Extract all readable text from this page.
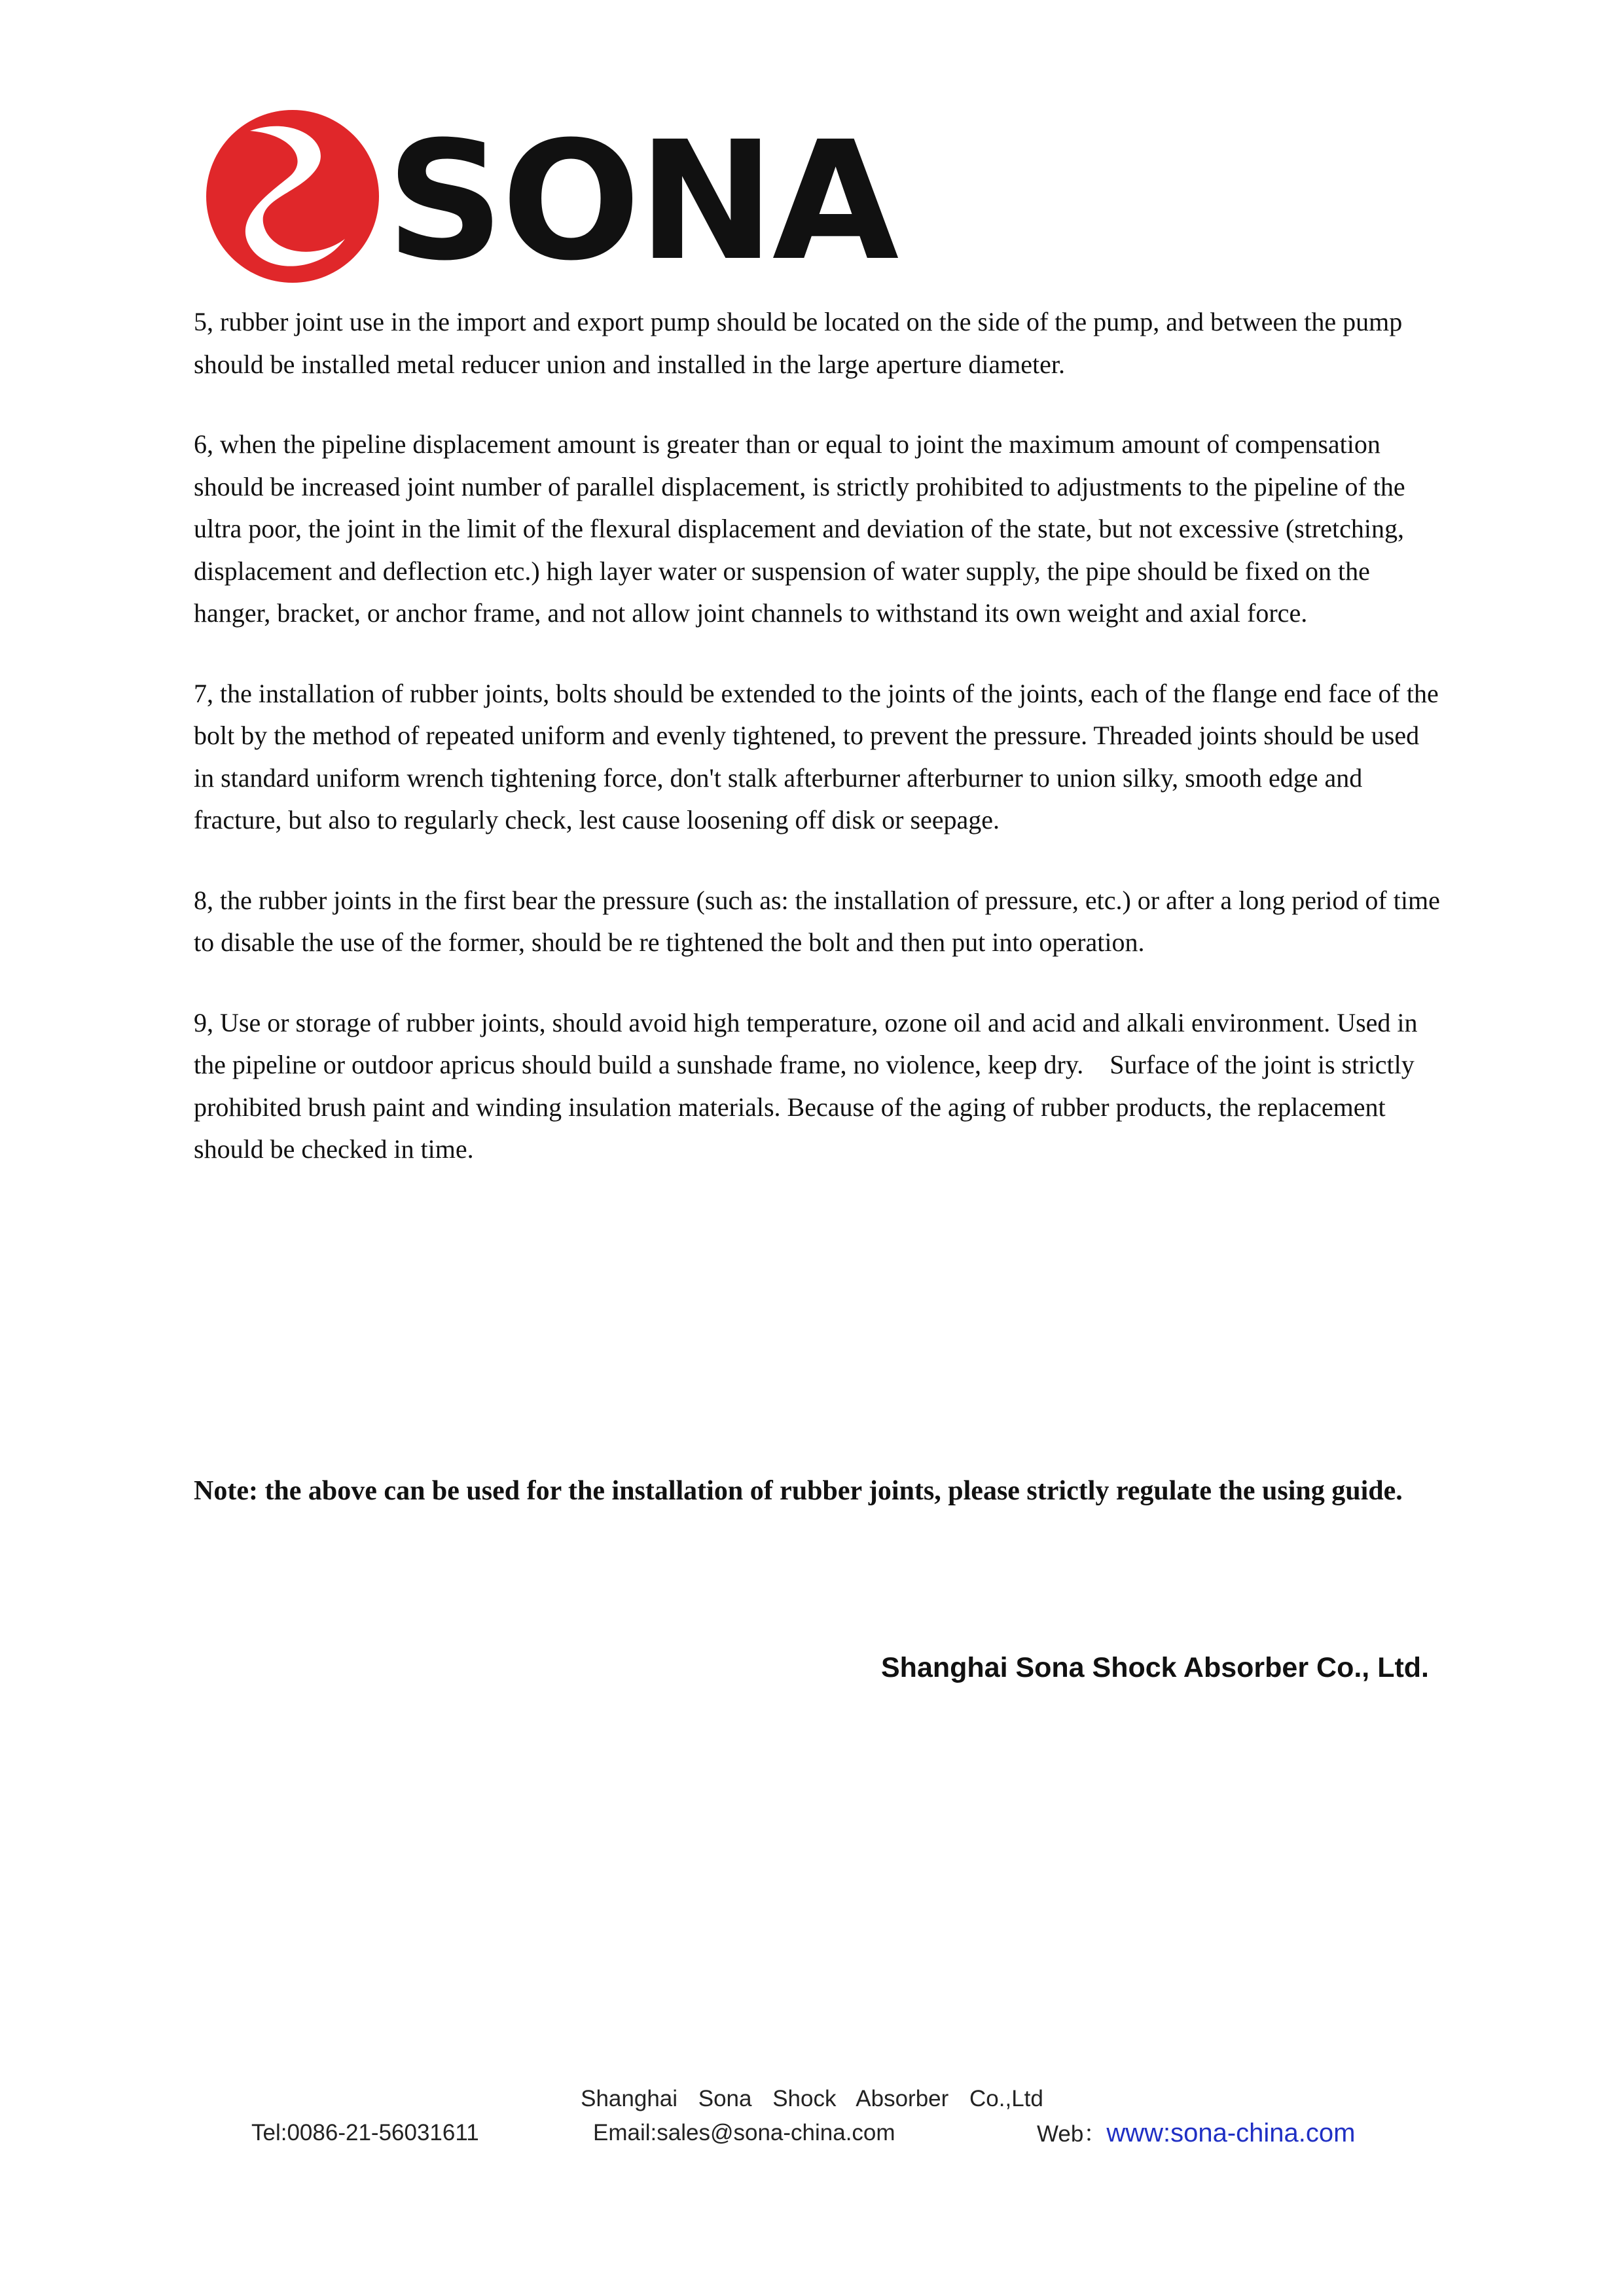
SONA

5, rubber joint use in the import and export pump should be located on the side of the pump, and between the pump should be installed metal reducer union and installed in the large aperture diameter.

6, when the pipeline displacement amount is greater than or equal to joint the maximum amount of compensation should be increased joint number of parallel displacement, is strictly prohibited to adjustments to the pipeline of the ultra poor, the joint in the limit of the flexural displacement and deviation of the state, but not excessive (stretching, displacement and deflection etc.) high layer water or suspension of water supply, the pipe should be fixed on the hanger, bracket, or anchor frame, and not allow joint channels to withstand its own weight and axial force.

7, the installation of rubber joints, bolts should be extended to the joints of the joints, each of the flange end face of the bolt by the method of repeated uniform and evenly tightened, to prevent the pressure. Threaded joints should be used in standard uniform wrench tightening force, don't stalk afterburner afterburner to union silky, smooth edge and fracture, but also to regularly check, lest cause loosening off disk or seepage.

8, the rubber joints in the first bear the pressure (such as: the installation of pressure, etc.) or after a long period of time to disable the use of the former, should be re tightened the bolt and then put into operation.

9, Use or storage of rubber joints, should avoid high temperature, ozone oil and acid and alkali environment. Used in the pipeline or outdoor apricus should build a sunshade frame, no violence, keep dry.    Surface of the joint is strictly prohibited brush paint and winding insulation materials. Because of the aging of rubber products, the replacement should be checked in time.

Note: the above can be used for the installation of rubber joints, please strictly regulate the using guide.
Shanghai Sona Shock Absorber Co., Ltd.
Shanghai Sona Shock Absorber Co.,Ltd
Tel:0086-21-56031611	Email:sales@sona-china.com	Web：www:sona-china.com
